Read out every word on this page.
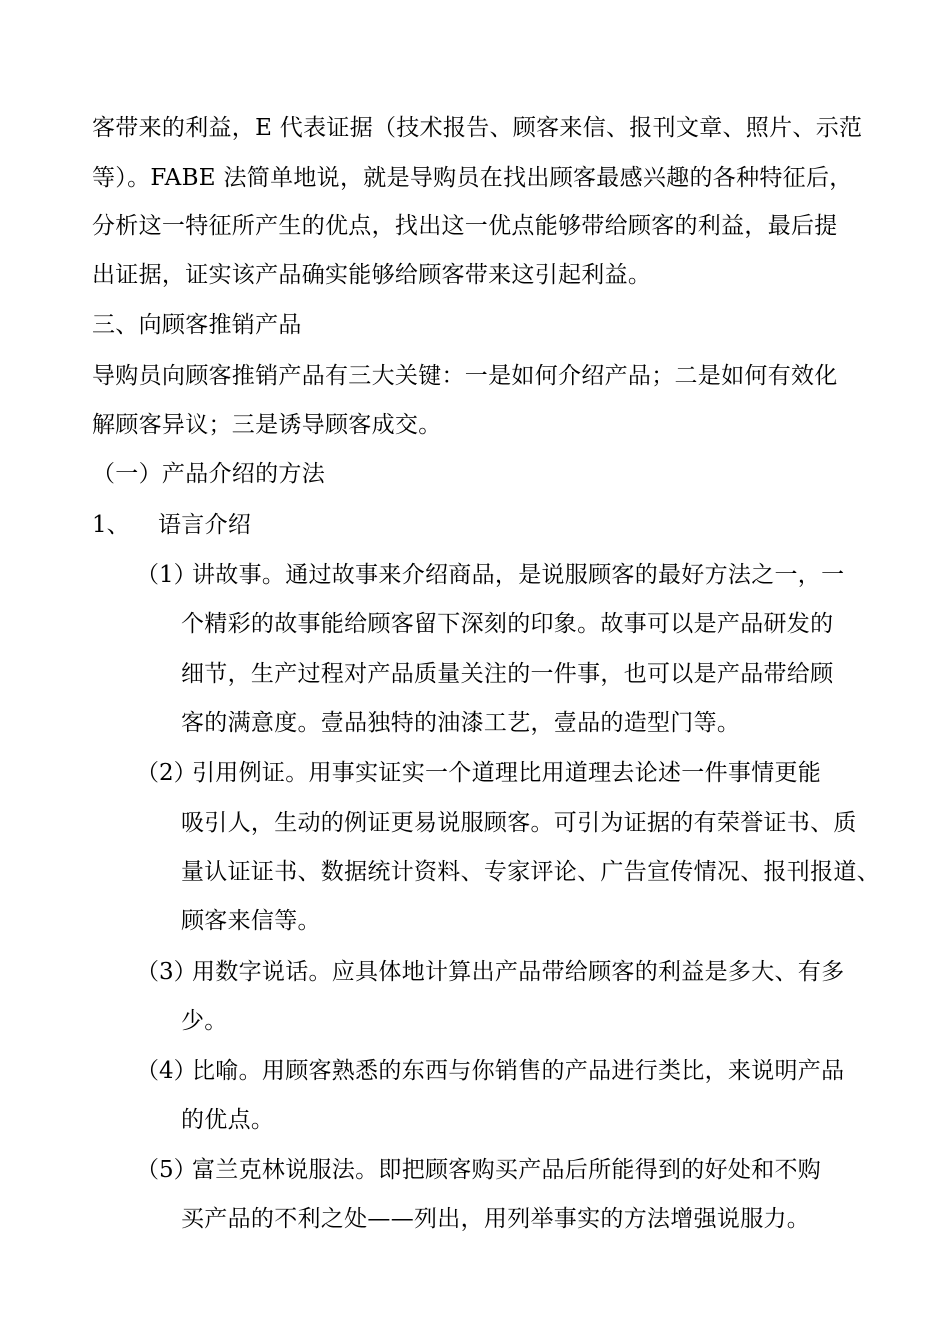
客带来的利益，E 代表证据（技术报告、顾客来信、报刊文章、照片、示范
等）。FABE 法简单地说，就是导购员在找出顾客最感兴趣的各种特征后，
分析这一特征所产生的优点，找出这一优点能够带给顾客的利益，最后提
出证据，证实该产品确实能够给顾客带来这引起利益。
三、向顾客推销产品
导购员向顾客推销产品有三大关键：一是如何介绍产品；二是如何有效化
解顾客异议；三是诱导顾客成交。
（一）产品介绍的方法
1、 语言介绍
（1）
讲故事。通过故事来介绍商品，是说服顾客的最好方法之一，一
个精彩的故事能给顾客留下深刻的印象。故事可以是产品研发的
细节，生产过程对产品质量关注的一件事，也可以是产品带给顾
客的满意度。壹品独特的油漆工艺，壹品的造型门等。
（2）
引用例证。用事实证实一个道理比用道理去论述一件事情更能
吸引人，生动的例证更易说服顾客。可引为证据的有荣誉证书、质
量认证证书、数据统计资料、专家评论、广告宣传情况、报刊报道、
顾客来信等。
（3）
用数字说话。应具体地计算出产品带给顾客的利益是多大、有多
少。
（4）
比喻。用顾客熟悉的东西与你销售的产品进行类比，来说明产品
的优点。
（5）
富兰克林说服法。即把顾客购买产品后所能得到的好处和不购
买产品的不利之处——列出，用列举事实的方法增强说服力。
